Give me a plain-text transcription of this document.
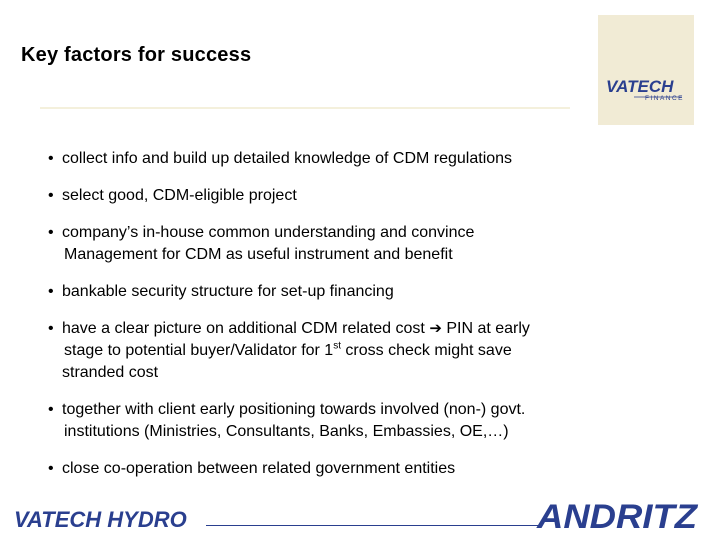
Key factors for success
VATECH
FINANCE
• collect info and build up detailed knowledge of CDM regulations
• select good, CDM-eligible project
• company’s in-house common understanding and convince
Management for CDM as useful instrument and benefit
• bankable security structure for set-up financing
• have a clear picture on additional CDM related cost ➔ PIN at early
stage to potential buyer/Validator for 1st cross check might save
stranded cost
• together with client early positioning towards involved (non-) govt.
institutions (Ministries, Consultants, Banks, Embassies, OE,…)
• close co-operation between related government entities
VATECH HYDRO	ANDRITZ
